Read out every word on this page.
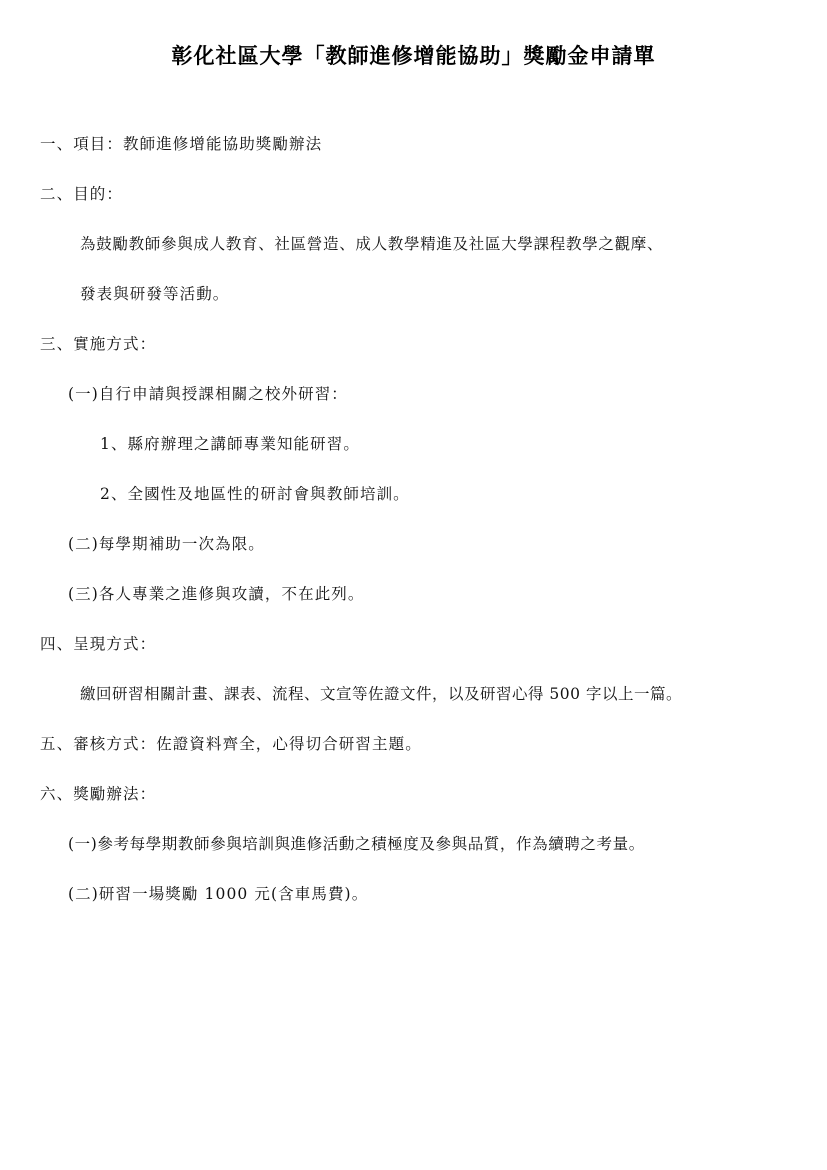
彰化社區大學「教師進修增能協助」獎勵金申請單
一、項目：教師進修增能協助獎勵辦法
二、目的：
為鼓勵教師參與成人教育、社區營造、成人教學精進及社區大學課程教學之觀摩、
發表與研發等活動。
三、實施方式：
(一)自行申請與授課相關之校外研習：
1、縣府辦理之講師專業知能研習。
2、全國性及地區性的研討會與教師培訓。
(二)每學期補助一次為限。
(三)各人專業之進修與攻讀，不在此列。
四、呈現方式：
繳回研習相關計畫、課表、流程、文宣等佐證文件，以及研習心得 500 字以上一篇。
五、審核方式：佐證資料齊全，心得切合研習主題。
六、獎勵辦法：
(一)參考每學期教師參與培訓與進修活動之積極度及參與品質，作為續聘之考量。
(二)研習一場獎勵 1000 元(含車馬費)。
